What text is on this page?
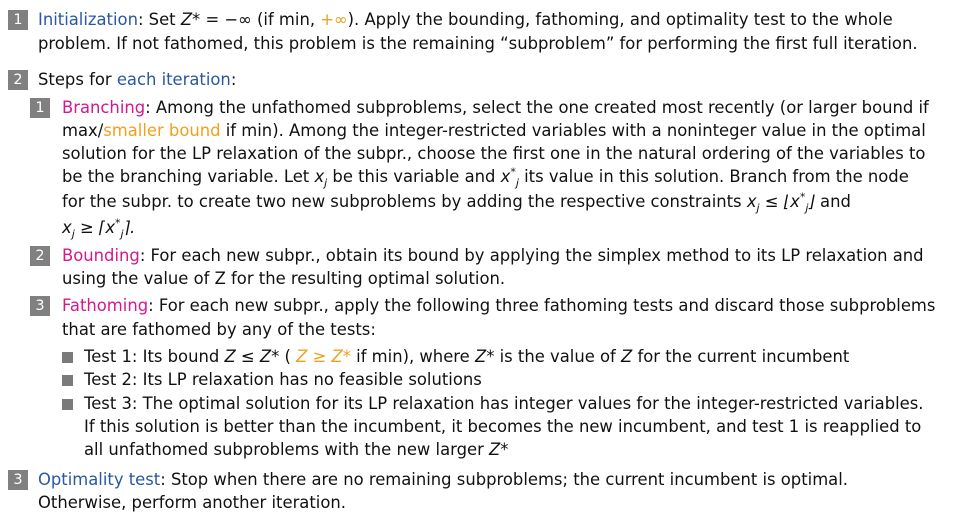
1 Initialization: Set Z* = −∞ (if min, +∞). Apply the bounding, fathoming, and optimality test to the whole
problem. If not fathomed, this problem is the remaining “subproblem” for performing the first full iteration.
2 Steps for each iteration:
1	Branching: Among the unfathomed subproblems, select the one created most recently (or larger bound if
max/smaller bound if min). Among the integer-restricted variables with a noninteger value in the optimal
solution for the LP relaxation of the subpr., choose the first one in the natural ordering of the variables to
be the branching variable. Let $x_j$ be this variable and $x^*_j$ its value in this solution. Branch from the node
for the subpr. to create two new subproblems by adding the respective constraints $x_j$ ≤ $⌊x^*_j⌋$ and
$x_j$ ≥ $⌈x^*_j⌉$.
2	Bounding: For each new subpr., obtain its bound by applying the simplex method to its LP relaxation and
using the value of Z for the resulting optimal solution.
3	Fathoming: For each new subpr., apply the following three fathoming tests and discard those subproblems
that are fathomed by any of the tests:
Test 1: Its bound Z ≤ Z* ( Z ≥ Z* if min), where Z* is the value of Z for the current incumbent
Test 2: Its LP relaxation has no feasible solutions
Test 3: The optimal solution for its LP relaxation has integer values for the integer-restricted variables.
If this solution is better than the incumbent, it becomes the new incumbent, and test 1 is reapplied to
all unfathomed subproblems with the new larger Z*
3 Optimality test: Stop when there are no remaining subproblems; the current incumbent is optimal.
Otherwise, perform another iteration.
